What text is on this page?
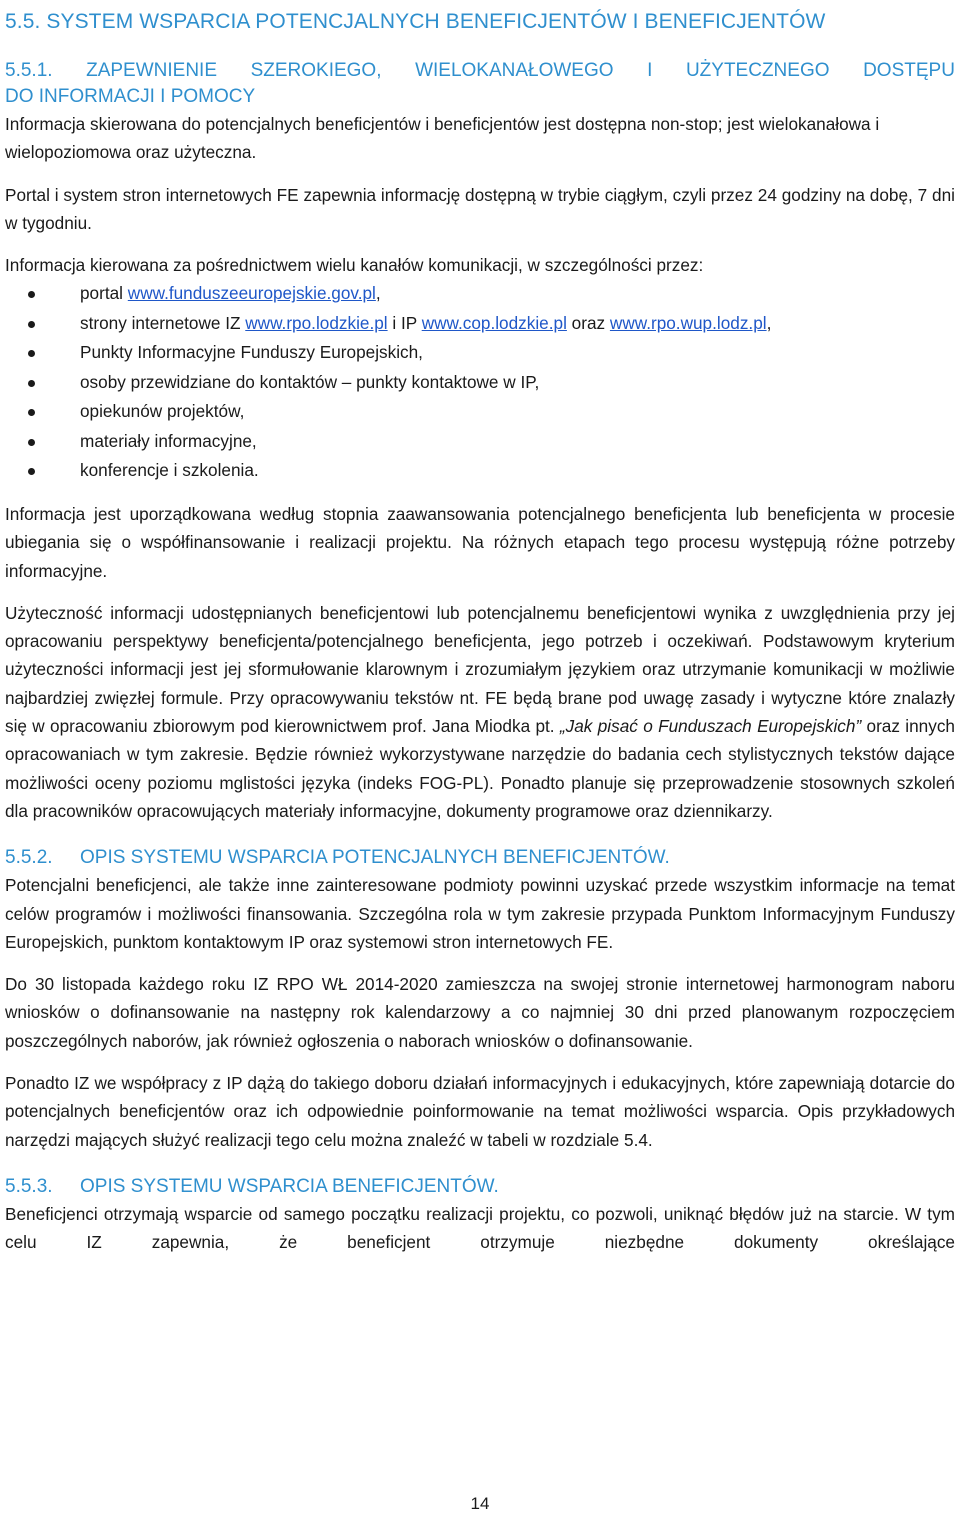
5.5. SYSTEM WSPARCIA POTENCJALNYCH BENEFICJENTÓW I BENEFICJENTÓW
5.5.1. ZAPEWNIENIE SZEROKIEGO, WIELOKANAŁOWEGO I UŻYTECZNEGO DOSTĘPU
DO INFORMACJI I POMOCY

Informacja skierowana do potencjalnych beneficjentów i beneficjentów jest dostępna non-stop; jest wielokanałowa i wielopoziomowa oraz użyteczna.

Portal i system stron internetowych FE zapewnia informację dostępną w trybie ciągłym, czyli przez 24 godziny na dobę, 7 dni w tygodniu.

Informacja kierowana za pośrednictwem wielu kanałów komunikacji, w szczególności przez:

portal www.funduszeeuropejskie.gov.pl,
strony internetowe IZ www.rpo.lodzkie.pl i IP www.cop.lodzkie.pl oraz www.rpo.wup.lodz.pl,
Punkty Informacyjne Funduszy Europejskich,
osoby przewidziane do kontaktów – punkty kontaktowe w IP,
opiekunów projektów,
materiały informacyjne,
konferencje i szkolenia.

Informacja jest uporządkowana według stopnia zaawansowania potencjalnego beneficjenta lub beneficjenta w procesie ubiegania się o współfinansowanie i realizacji projektu. Na różnych etapach tego procesu występują różne potrzeby informacyjne.

Użyteczność informacji udostępnianych beneficjentowi lub potencjalnemu beneficjentowi wynika z uwzględnienia przy jej opracowaniu perspektywy beneficjenta/potencjalnego beneficjenta, jego potrzeb i oczekiwań. Podstawowym kryterium użyteczności informacji jest jej sformułowanie klarownym i zrozumiałym językiem oraz utrzymanie komunikacji w możliwie najbardziej zwięzłej formule. Przy opracowywaniu tekstów nt. FE będą brane pod uwagę zasady i wytyczne które znalazły się w opracowaniu zbiorowym pod kierownictwem prof. Jana Miodka pt. „Jak pisać o Funduszach Europejskich” oraz innych opracowaniach w tym zakresie. Będzie również wykorzystywane narzędzie do badania cech stylistycznych tekstów dające możliwości oceny poziomu mglistości języka (indeks FOG-PL). Ponadto planuje się przeprowadzenie stosownych szkoleń dla pracowników opracowujących materiały informacyjne, dokumenty programowe oraz dziennikarzy.

5.5.2. OPIS SYSTEMU WSPARCIA POTENCJALNYCH BENEFICJENTÓW.

Potencjalni beneficjenci, ale także inne zainteresowane podmioty powinni uzyskać przede wszystkim informacje na temat celów programów i możliwości finansowania. Szczególna rola w tym zakresie przypada Punktom Informacyjnym Funduszy Europejskich, punktom kontaktowym IP oraz systemowi stron internetowych FE.

Do 30 listopada każdego roku IZ RPO WŁ 2014-2020 zamieszcza na swojej stronie internetowej harmonogram naboru wniosków o dofinansowanie na następny rok kalendarzowy a co najmniej 30 dni przed planowanym rozpoczęciem poszczególnych naborów, jak również ogłoszenia o naborach wniosków o dofinansowanie.

Ponadto IZ we współpracy z IP dążą do takiego doboru działań informacyjnych i edukacyjnych, które zapewniają dotarcie do potencjalnych beneficjentów oraz ich odpowiednie poinformowanie na temat możliwości wsparcia. Opis przykładowych narzędzi mających służyć realizacji tego celu można znaleźć w tabeli w rozdziale 5.4.

5.5.3. OPIS SYSTEMU WSPARCIA BENEFICJENTÓW.

Beneficjenci otrzymają wsparcie od samego początku realizacji projektu, co pozwoli, uniknąć błędów już na starcie. W tym celu IZ zapewnia, że beneficjent otrzymuje niezbędne dokumenty określające

14
